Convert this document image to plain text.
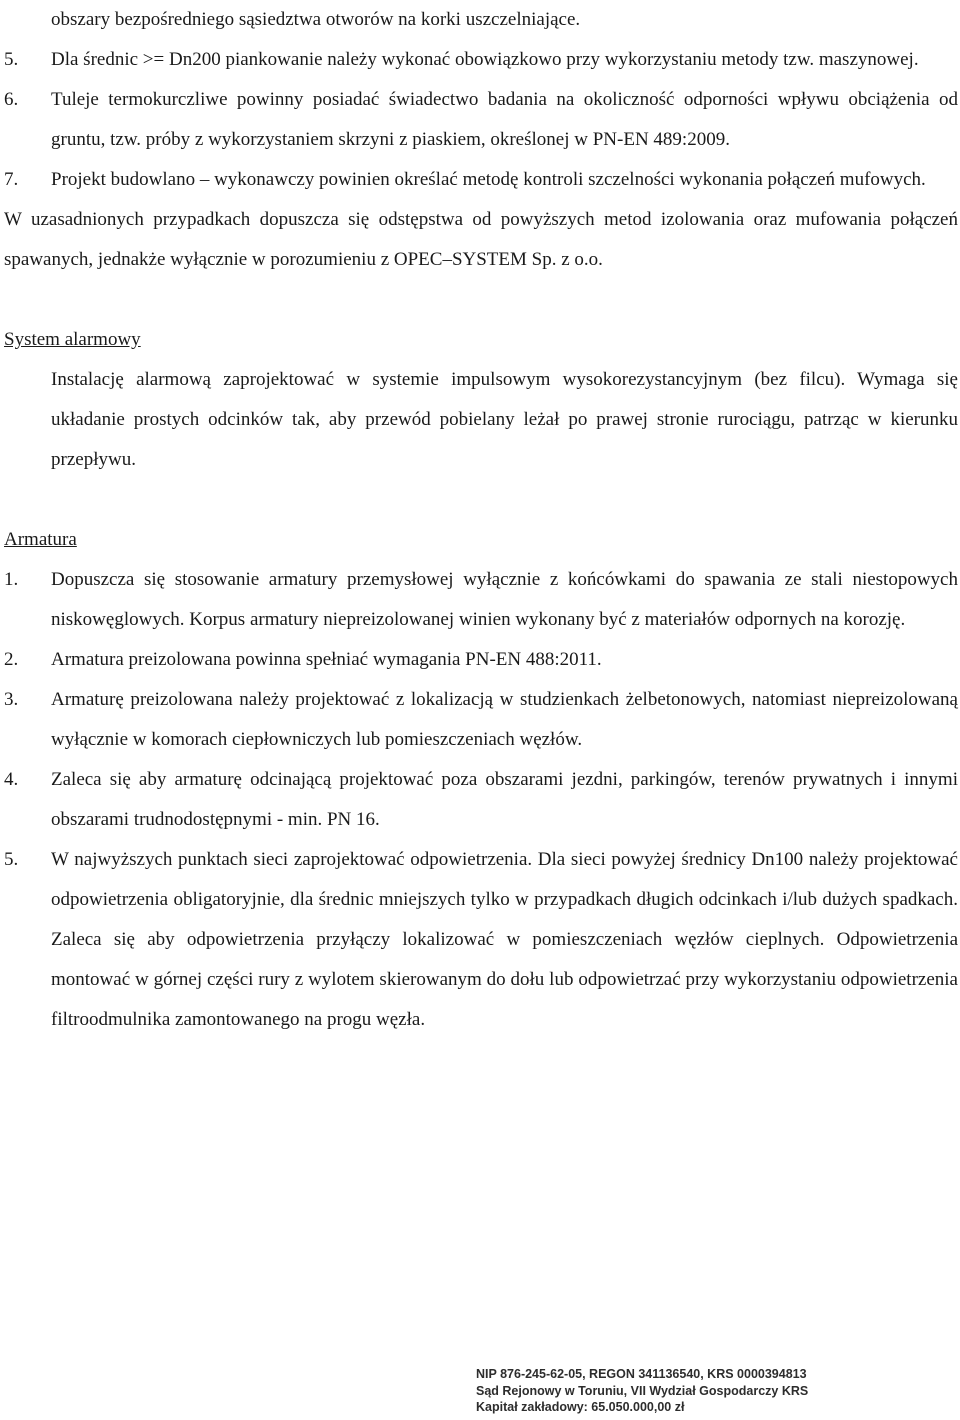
obszary bezpośredniego sąsiedztwa otworów na korki uszczelniające.

5.	Dla średnic >= Dn200 piankowanie należy wykonać obowiązkowo przy wykorzystaniu metody tzw. maszynowej.

6.	Tuleje termokurczliwe powinny posiadać świadectwo badania na okoliczność odporności wpływu obciążenia od gruntu, tzw. próby z wykorzystaniem skrzyni z piaskiem, określonej w PN-EN 489:2009.

7.	Projekt budowlano – wykonawczy powinien określać metodę kontroli szczelności wykonania połączeń mufowych.

W uzasadnionych przypadkach dopuszcza się odstępstwa od powyższych metod izolowania oraz mufowania połączeń spawanych, jednakże wyłącznie w porozumieniu z OPEC–SYSTEM Sp. z o.o.

System alarmowy

Instalację alarmową zaprojektować w systemie impulsowym wysokorezystancyjnym (bez filcu). Wymaga się układanie prostych odcinków tak, aby przewód pobielany leżał po prawej stronie rurociągu, patrząc w kierunku przepływu.

Armatura

1.	Dopuszcza się stosowanie armatury przemysłowej wyłącznie z końcówkami do spawania ze stali niestopowych niskowęglowych. Korpus armatury niepreizolowanej winien wykonany być z materiałów odpornych na korozję.

2.	Armatura preizolowana powinna spełniać wymagania PN-EN 488:2011.

3.	Armaturę preizolowana należy projektować z lokalizacją w studzienkach żelbetonowych, natomiast niepreizolowaną wyłącznie w komorach ciepłowniczych lub pomieszczeniach węzłów.

4.	Zaleca się aby armaturę odcinającą projektować poza obszarami jezdni, parkingów, terenów prywatnych i innymi obszarami trudnodostępnymi - min. PN 16.

5.	W najwyższych punktach sieci zaprojektować odpowietrzenia. Dla sieci powyżej średnicy Dn100 należy projektować odpowietrzenia obligatoryjnie, dla średnic mniejszych tylko w przypadkach długich odcinkach i/lub dużych spadkach. Zaleca się aby odpowietrzenia przyłączy lokalizować w pomieszczeniach węzłów cieplnych. Odpowietrzenia montować w górnej części rury z wylotem skierowanym do dołu lub odpowietrzać przy wykorzystaniu odpowietrzenia filtroodmulnika zamontowanego na progu węzła.

NIP 876-245-62-05, REGON 341136540, KRS 0000394813
Sąd Rejonowy w Toruniu, VII Wydział Gospodarczy KRS
Kapitał zakładowy: 65.050.000,00 zł
